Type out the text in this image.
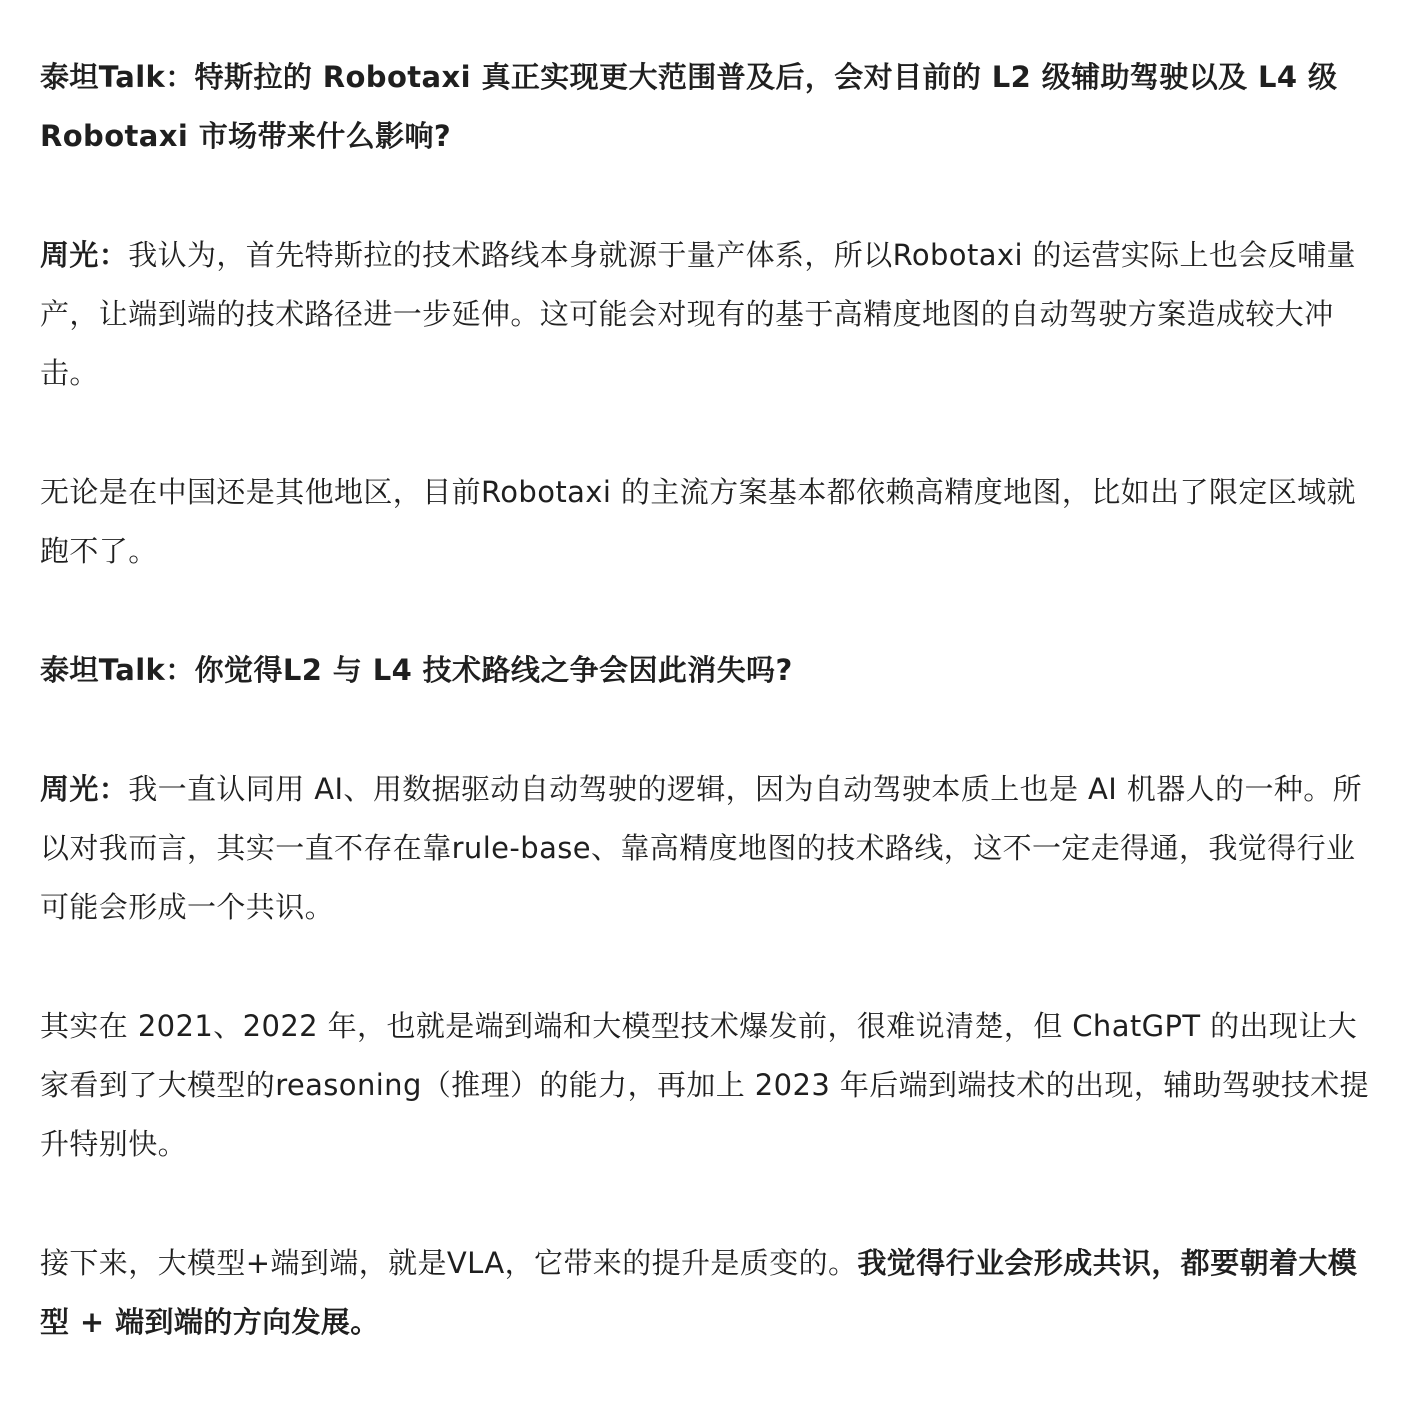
泰坦Talk：特斯拉的 Robotaxi 真正实现更大范围普及后，会对目前的 L2 级辅助驾驶以及 L4 级 Robotaxi 市场带来什么影响?

周光：我认为，首先特斯拉的技术路线本身就源于量产体系，所以Robotaxi 的运营实际上也会反哺量产，让端到端的技术路径进一步延伸。这可能会对现有的基于高精度地图的自动驾驶方案造成较大冲击。

无论是在中国还是其他地区，目前Robotaxi 的主流方案基本都依赖高精度地图，比如出了限定区域就跑不了。

泰坦Talk：你觉得L2 与 L4 技术路线之争会因此消失吗?

周光：我一直认同用 AI、用数据驱动自动驾驶的逻辑，因为自动驾驶本质上也是 AI 机器人的一种。所以对我而言，其实一直不存在靠rule-base、靠高精度地图的技术路线，这不一定走得通，我觉得行业可能会形成一个共识。

其实在 2021、2022 年，也就是端到端和大模型技术爆发前，很难说清楚，但 ChatGPT 的出现让大家看到了大模型的reasoning（推理）的能力，再加上 2023 年后端到端技术的出现，辅助驾驶技术提升特别快。

接下来，大模型+端到端，就是VLA，它带来的提升是质变的。我觉得行业会形成共识，都要朝着大模型 + 端到端的方向发展。
